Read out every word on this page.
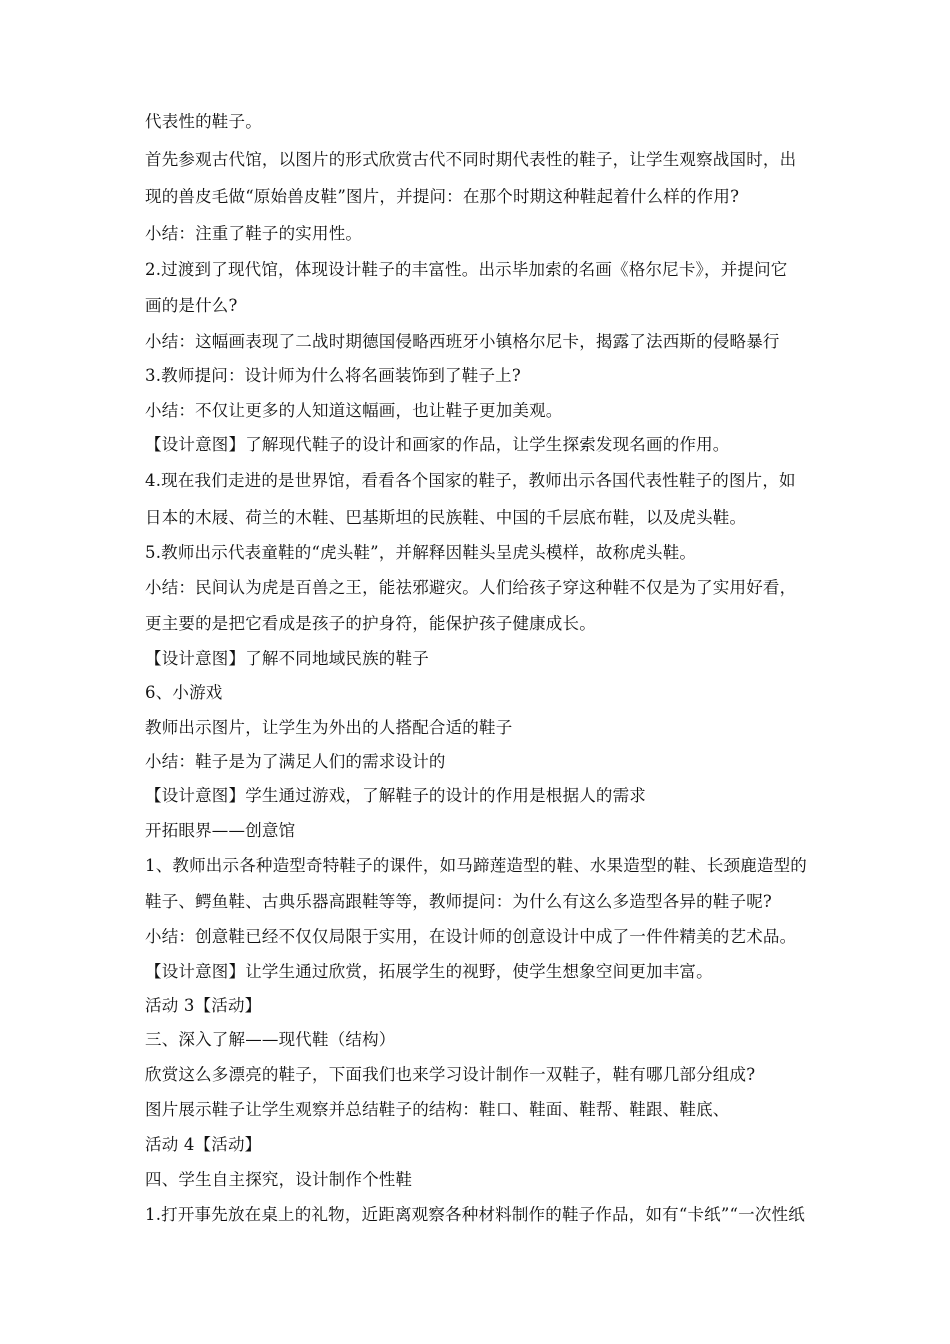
代表性的鞋子。
首先参观古代馆，以图片的形式欣赏古代不同时期代表性的鞋子，让学生观察战国时，出
现的兽皮毛做“原始兽皮鞋”图片，并提问：在那个时期这种鞋起着什么样的作用?
小结：注重了鞋子的实用性。
2.过渡到了现代馆，体现设计鞋子的丰富性。出示毕加索的名画《格尔尼卡》，并提问它
画的是什么?
小结：这幅画表现了二战时期德国侵略西班牙小镇格尔尼卡，揭露了法西斯的侵略暴行
3.教师提问：设计师为什么将名画装饰到了鞋子上?
小结：不仅让更多的人知道这幅画，也让鞋子更加美观。
【设计意图】了解现代鞋子的设计和画家的作品，让学生探索发现名画的作用。
4.现在我们走进的是世界馆，看看各个国家的鞋子，教师出示各国代表性鞋子的图片，如
日本的木屐、荷兰的木鞋、巴基斯坦的民族鞋、中国的千层底布鞋，以及虎头鞋。
5.教师出示代表童鞋的“虎头鞋”，并解释因鞋头呈虎头模样，故称虎头鞋。
小结：民间认为虎是百兽之王，能祛邪避灾。人们给孩子穿这种鞋不仅是为了实用好看，
更主要的是把它看成是孩子的护身符，能保护孩子健康成长。
【设计意图】了解不同地域民族的鞋子
6、小游戏
教师出示图片，让学生为外出的人搭配合适的鞋子
小结：鞋子是为了满足人们的需求设计的
【设计意图】学生通过游戏，了解鞋子的设计的作用是根据人的需求
开拓眼界——创意馆
1、教师出示各种造型奇特鞋子的课件，如马蹄莲造型的鞋、水果造型的鞋、长颈鹿造型的
鞋子、鳄鱼鞋、古典乐器高跟鞋等等，教师提问：为什么有这么多造型各异的鞋子呢?
小结：创意鞋已经不仅仅局限于实用，在设计师的创意设计中成了一件件精美的艺术品。
【设计意图】让学生通过欣赏，拓展学生的视野，使学生想象空间更加丰富。
活动 3【活动】
三、深入了解——现代鞋（结构）
欣赏这么多漂亮的鞋子，下面我们也来学习设计制作一双鞋子，鞋有哪几部分组成?
图片展示鞋子让学生观察并总结鞋子的结构：鞋口、鞋面、鞋帮、鞋跟、鞋底、
活动 4【活动】
四、学生自主探究，设计制作个性鞋
1.打开事先放在桌上的礼物，近距离观察各种材料制作的鞋子作品，如有“卡纸”“一次性纸
